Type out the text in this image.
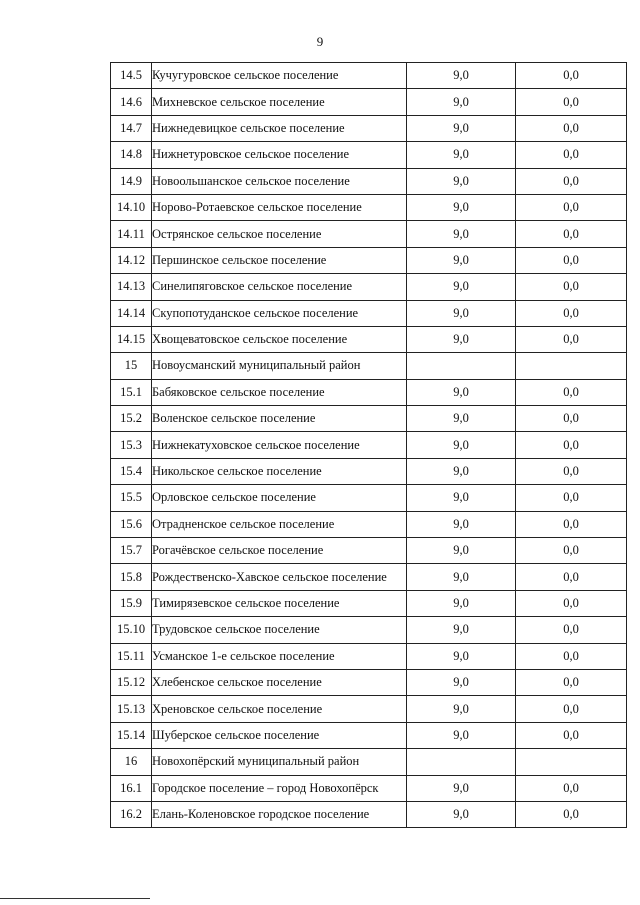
9
14.5	Кучугуровское сельское поселение	9,0	0,0
14.6	Михневское сельское поселение	9,0	0,0
14.7	Нижнедевицкое сельское поселение	9,0	0,0
14.8	Нижнетуровское сельское поселение	9,0	0,0
14.9	Новоольшанское сельское поселение	9,0	0,0
14.10	Норово-Ротаевское сельское поселение	9,0	0,0
14.11	Острянское сельское поселение	9,0	0,0
14.12	Першинское сельское поселение	9,0	0,0
14.13	Синелипяговское сельское поселение	9,0	0,0
14.14	Скупопотуданское сельское поселение	9,0	0,0
14.15	Хвощеватовское сельское поселение	9,0	0,0
15	Новоусманский муниципальный район		
15.1	Бабяковское сельское поселение	9,0	0,0
15.2	Воленское сельское поселение	9,0	0,0
15.3	Нижнекатуховское сельское поселение	9,0	0,0
15.4	Никольское сельское поселение	9,0	0,0
15.5	Орловское сельское поселение	9,0	0,0
15.6	Отрадненское сельское поселение	9,0	0,0
15.7	Рогачёвское сельское поселение	9,0	0,0
15.8	Рождественско-Хавское сельское поселение	9,0	0,0
15.9	Тимирязевское сельское поселение	9,0	0,0
15.10	Трудовское сельское поселение	9,0	0,0
15.11	Усманское 1-е сельское поселение	9,0	0,0
15.12	Хлебенское сельское поселение	9,0	0,0
15.13	Хреновское сельское поселение	9,0	0,0
15.14	Шуберское сельское поселение	9,0	0,0
16	Новохопёрский муниципальный район		
16.1	Городское поселение – город Новохопёрск	9,0	0,0
16.2	Елань-Коленовское городское поселение	9,0	0,0
